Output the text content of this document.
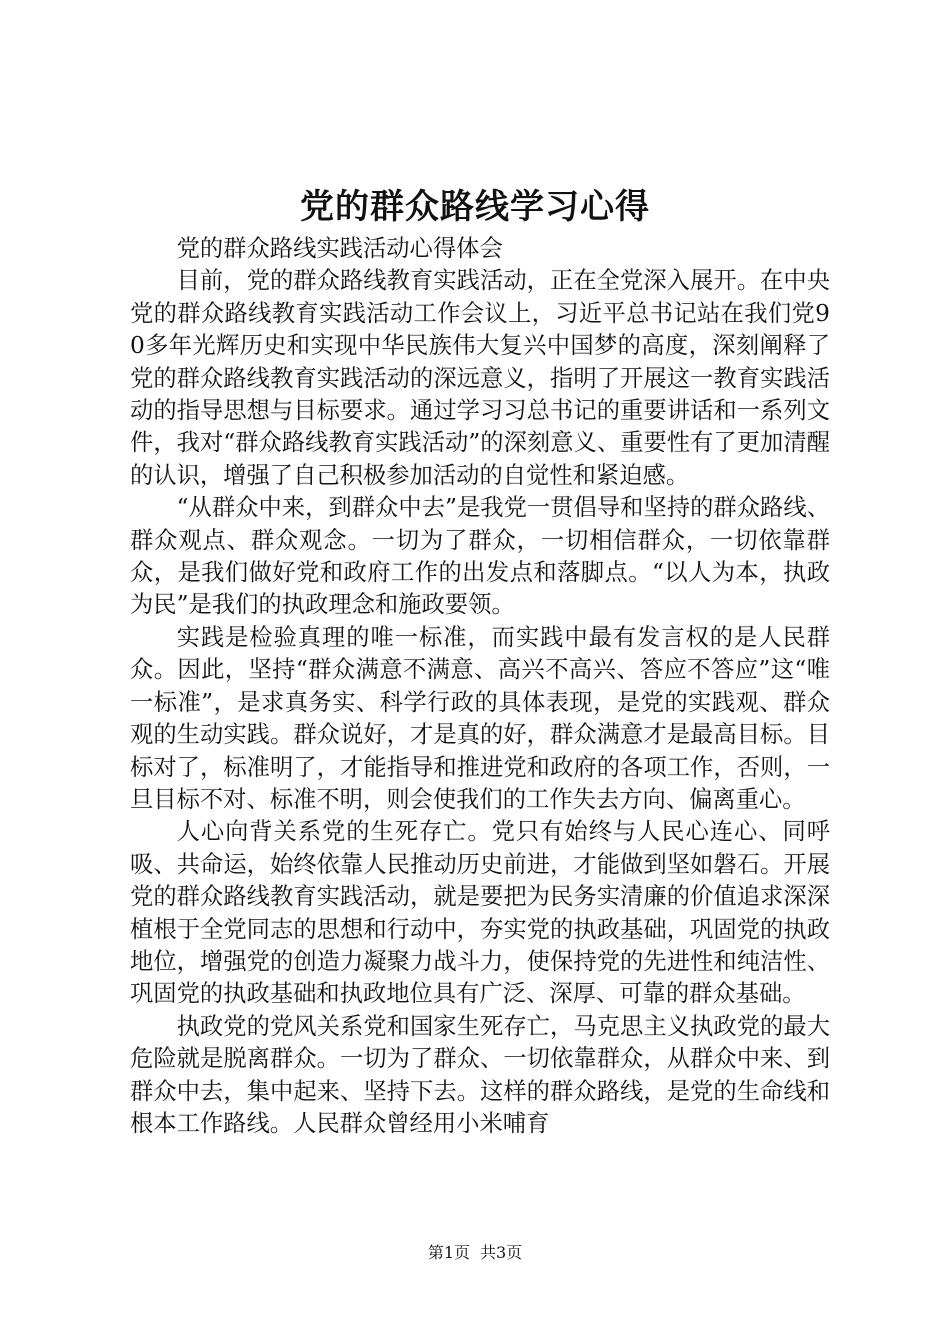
党的群众路线学习心得

党的群众路线实践活动心得体会

目前，党的群众路线教育实践活动，正在全党深入展开。在中央党的群众路线教育实践活动工作会议上，习近平总书记站在我们党90多年光辉历史和实现中华民族伟大复兴中国梦的高度，深刻阐释了党的群众路线教育实践活动的深远意义，指明了开展这一教育实践活动的指导思想与目标要求。通过学习习总书记的重要讲话和一系列文件，我对“群众路线教育实践活动”的深刻意义、重要性有了更加清醒的认识，增强了自己积极参加活动的自觉性和紧迫感。

“从群众中来，到群众中去”是我党一贯倡导和坚持的群众路线、群众观点、群众观念。一切为了群众，一切相信群众，一切依靠群众，是我们做好党和政府工作的出发点和落脚点。“以人为本，执政为民”是我们的执政理念和施政要领。

实践是检验真理的唯一标准，而实践中最有发言权的是人民群众。因此，坚持“群众满意不满意、高兴不高兴、答应不答应”这“唯一标准”，是求真务实、科学行政的具体表现，是党的实践观、群众观的生动实践。群众说好，才是真的好，群众满意才是最高目标。目标对了，标准明了，才能指导和推进党和政府的各项工作，否则，一旦目标不对、标准不明，则会使我们的工作失去方向、偏离重心。

人心向背关系党的生死存亡。党只有始终与人民心连心、同呼吸、共命运，始终依靠人民推动历史前进，才能做到坚如磐石。开展党的群众路线教育实践活动，就是要把为民务实清廉的价值追求深深植根于全党同志的思想和行动中，夯实党的执政基础，巩固党的执政地位，增强党的创造力凝聚力战斗力，使保持党的先进性和纯洁性、巩固党的执政基础和执政地位具有广泛、深厚、可靠的群众基础。

执政党的党风关系党和国家生死存亡，马克思主义执政党的最大危险就是脱离群众。一切为了群众、一切依靠群众，从群众中来、到群众中去，集中起来、坚持下去。这样的群众路线，是党的生命线和根本工作路线。人民群众曾经用小米哺育

第1页 共3页
